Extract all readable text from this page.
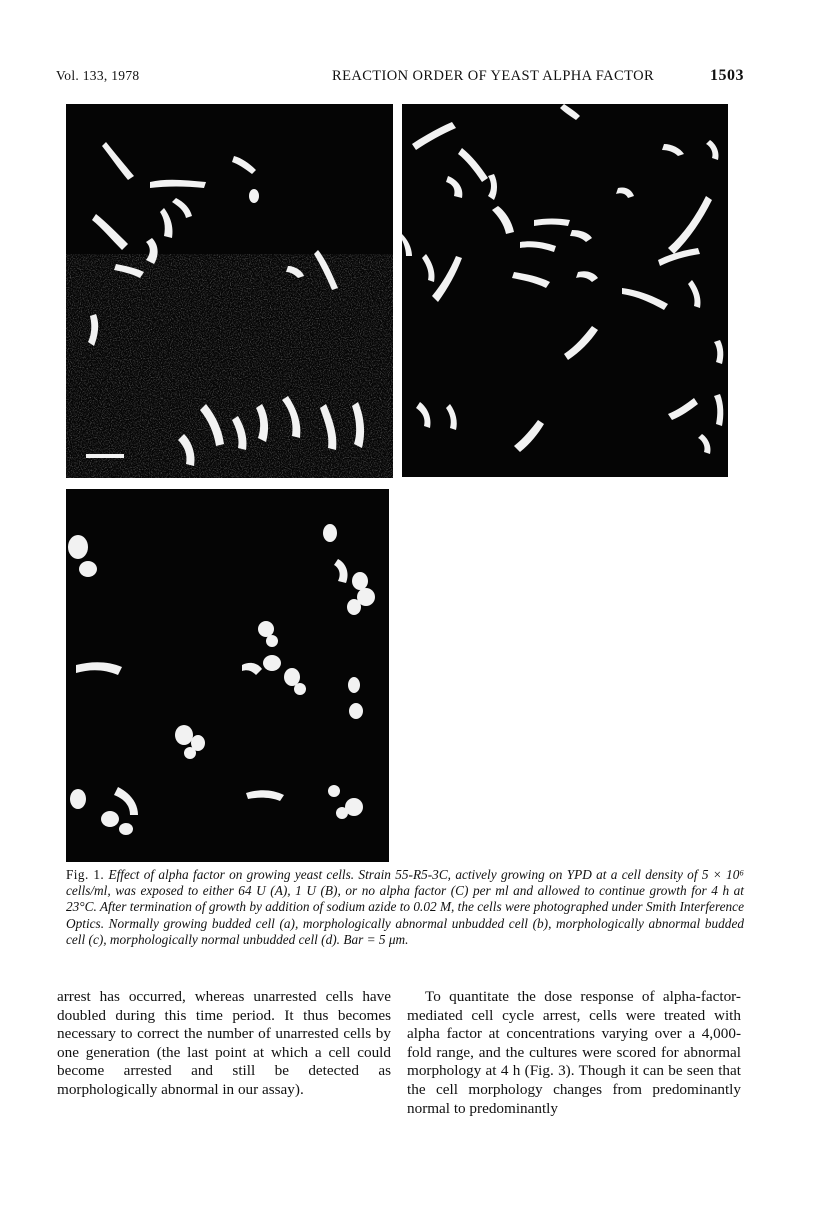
Vol. 133, 1978	REACTION ORDER OF YEAST ALPHA FACTOR	1503
Fig. 1. Effect of alpha factor on growing yeast cells. Strain 55-R5-3C, actively growing on YPD at a cell density of 5 × 10⁶ cells/ml, was exposed to either 64 U (A), 1 U (B), or no alpha factor (C) per ml and allowed to continue growth for 4 h at 23°C. After termination of growth by addition of sodium azide to 0.02 M, the cells were photographed under Smith Interference Optics. Normally growing budded cell (a), morphologically abnormal unbudded cell (b), morphologically abnormal budded cell (c), morphologically normal unbudded cell (d). Bar = 5 μm.

arrest has occurred, whereas unarrested cells have doubled during this time period. It thus becomes necessary to correct the number of unarrested cells by one generation (the last point at which a cell could become arrested and still be detected as morphologically abnormal in our assay).

To quantitate the dose response of alpha-factor-mediated cell cycle arrest, cells were treated with alpha factor at concentrations varying over a 4,000-fold range, and the cultures were scored for abnormal morphology at 4 h (Fig. 3). Though it can be seen that the cell morphology changes from predominantly normal to predominantly
